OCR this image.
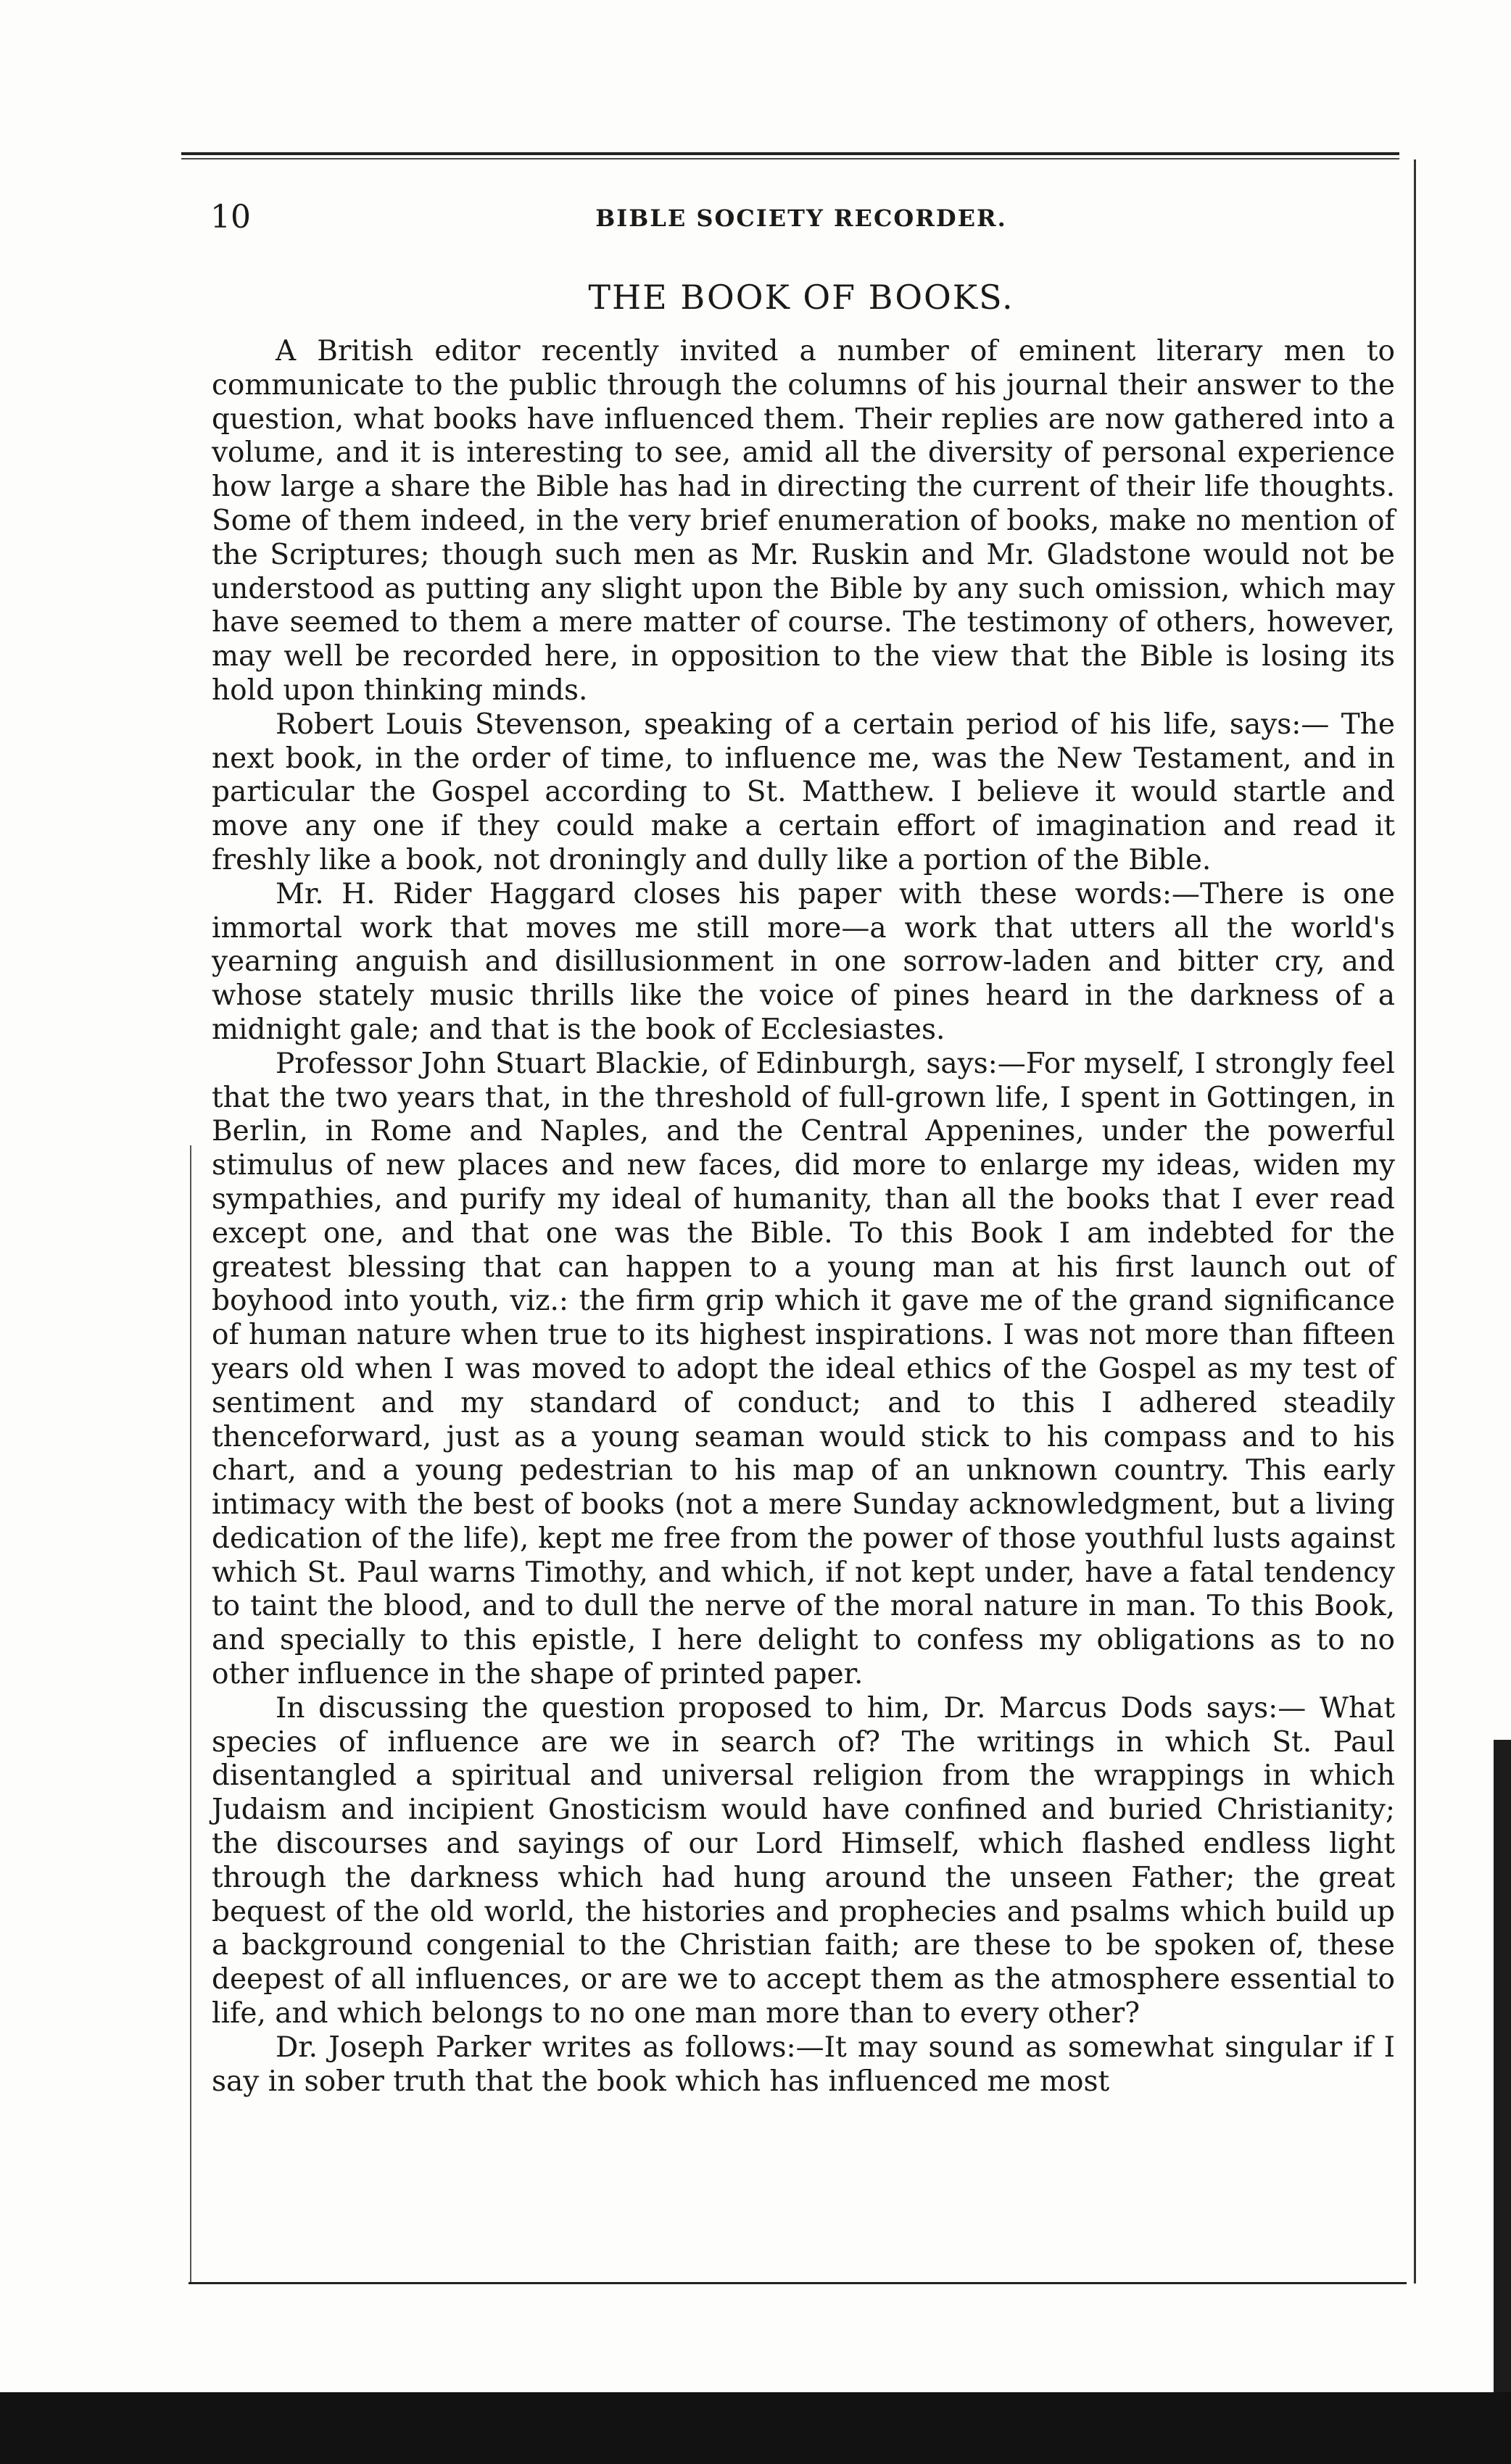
BIBLE SOCIETY RECORDER.
10
THE BOOK OF BOOKS.

A British editor recently invited a number of eminent literary men to communicate to the public through the columns of his journal their answer to the question, what books have influenced them. Their replies are now gathered into a volume, and it is interesting to see, amid all the diversity of personal experience how large a share the Bible has had in directing the current of their life thoughts. Some of them indeed, in the very brief enumeration of books, make no mention of the Scriptures; though such men as Mr. Ruskin and Mr. Gladstone would not be understood as putting any slight upon the Bible by any such omission, which may have seemed to them a mere matter of course. The testimony of others, however, may well be recorded here, in opposition to the view that the Bible is losing its hold upon thinking minds.

Robert Louis Stevenson, speaking of a certain period of his life, says:— The next book, in the order of time, to influence me, was the New Testament, and in particular the Gospel according to St. Matthew. I believe it would startle and move any one if they could make a certain effort of imagination and read it freshly like a book, not droningly and dully like a portion of the Bible.

Mr. H. Rider Haggard closes his paper with these words:—There is one immortal work that moves me still more—a work that utters all the world's yearning anguish and disillusionment in one sorrow-laden and bitter cry, and whose stately music thrills like the voice of pines heard in the darkness of a midnight gale; and that is the book of Ecclesiastes.

Professor John Stuart Blackie, of Edinburgh, says:—For myself, I strongly feel that the two years that, in the threshold of full-grown life, I spent in Gottingen, in Berlin, in Rome and Naples, and the Central Appenines, under the powerful stimulus of new places and new faces, did more to enlarge my ideas, widen my sympathies, and purify my ideal of humanity, than all the books that I ever read except one, and that one was the Bible. To this Book I am indebted for the greatest blessing that can happen to a young man at his first launch out of boyhood into youth, viz.: the firm grip which it gave me of the grand significance of human nature when true to its highest inspirations. I was not more than fifteen years old when I was moved to adopt the ideal ethics of the Gospel as my test of sentiment and my standard of conduct; and to this I adhered steadily thenceforward, just as a young seaman would stick to his compass and to his chart, and a young pedestrian to his map of an unknown country. This early intimacy with the best of books (not a mere Sunday acknowledgment, but a living dedication of the life), kept me free from the power of those youthful lusts against which St. Paul warns Timothy, and which, if not kept under, have a fatal tendency to taint the blood, and to dull the nerve of the moral nature in man. To this Book, and specially to this epistle, I here delight to confess my obligations as to no other influence in the shape of printed paper.

In discussing the question proposed to him, Dr. Marcus Dods says:— What species of influence are we in search of? The writings in which St. Paul disentangled a spiritual and universal religion from the wrappings in which Judaism and incipient Gnosticism would have confined and buried Christianity; the discourses and sayings of our Lord Himself, which flashed endless light through the darkness which had hung around the unseen Father; the great bequest of the old world, the histories and prophecies and psalms which build up a background congenial to the Christian faith; are these to be spoken of, these deepest of all influences, or are we to accept them as the atmosphere essential to life, and which belongs to no one man more than to every other?

Dr. Joseph Parker writes as follows:—It may sound as somewhat singular if I say in sober truth that the book which has influenced me most
